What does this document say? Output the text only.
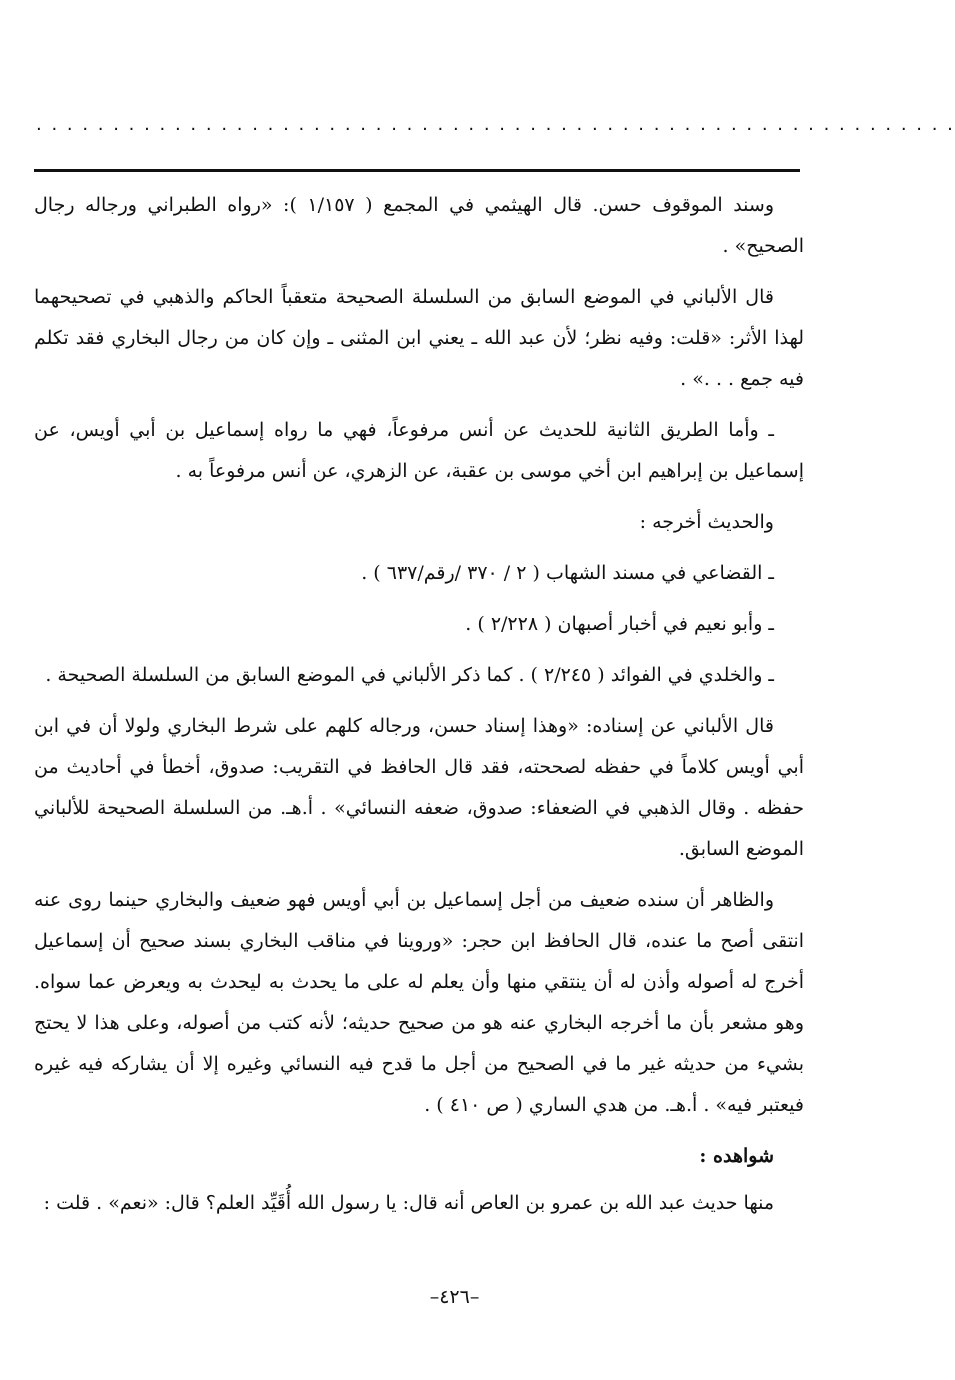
. . . . . . . . . . . . . . . . . . . . . . . . . . . . . . . . . . . . . . . . . . . . . . . . . . . . . . . . . . . .

وسند الموقوف حسن. قال الهيثمي في المجمع ( ١/١٥٧ ): «رواه الطبراني ورجاله رجال الصحيح» .

قال الألباني في الموضع السابق من السلسلة الصحيحة متعقباً الحاكم والذهبي في تصحيحهما لهذا الأثر: «قلت: وفيه نظر؛ لأن عبد الله ـ يعني ابن المثنى ـ وإن كان من رجال البخاري فقد تكلم فيه جمع . . .» .

ـ وأما الطريق الثانية للحديث عن أنس مرفوعاً، فهي ما رواه إسماعيل بن أبي أويس، عن إسماعيل بن إبراهيم ابن أخي موسى بن عقبة، عن الزهري، عن أنس مرفوعاً به .

والحديث أخرجه :

ـ القضاعي في مسند الشهاب ( ٢ / ٣٧٠ /رقم/٦٣٧ ) .

ـ وأبو نعيم في أخبار أصبهان ( ٢/٢٢٨ ) .

ـ والخلدي في الفوائد ( ٢/٢٤٥ ) . كما ذكر الألباني في الموضع السابق من السلسلة الصحيحة .

قال الألباني عن إسناده: «وهذا إسناد حسن، ورجاله كلهم على شرط البخاري ولولا أن في ابن أبي أويس كلاماً في حفظه لصححته، فقد قال الحافظ في التقريب: صدوق، أخطأ في أحاديث من حفظه . وقال الذهبي في الضعفاء: صدوق، ضعفه النسائي» . أ.هـ. من السلسلة الصحيحة للألباني الموضع السابق.

والظاهر أن سنده ضعيف من أجل إسماعيل بن أبي أويس فهو ضعيف والبخاري حينما روى عنه انتقى أصح ما عنده، قال الحافظ ابن حجر: «وروينا في مناقب البخاري بسند صحيح أن إسماعيل أخرج له أصوله وأذن له أن ينتقي منها وأن يعلم له على ما يحدث به ليحدث به ويعرض عما سواه. وهو مشعر بأن ما أخرجه البخاري عنه هو من صحيح حديثه؛ لأنه كتب من أصوله، وعلى هذا لا يحتج بشيء من حديثه غير ما في الصحيح من أجل ما قدح فيه النسائي وغيره إلا أن يشاركه فيه غيره فيعتبر فيه» . أ.هـ. من هدي الساري ( ص ٤١٠ ) .

شواهده :

منها حديث عبد الله بن عمرو بن العاص أنه قال: يا رسول الله أُقَيِّد العلم؟ قال: «نعم» . قلت :

–٤٢٦–
